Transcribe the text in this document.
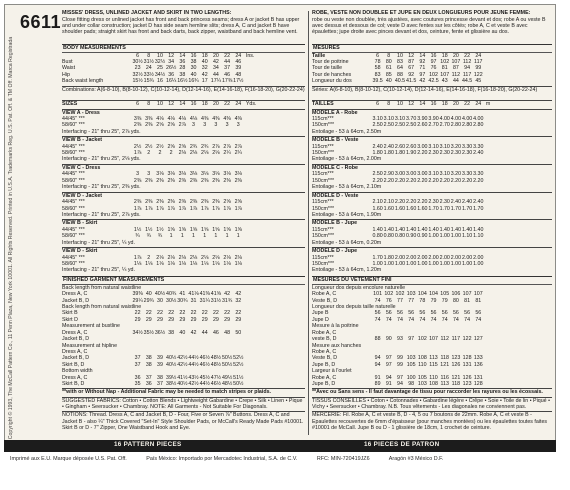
Copyright © 1993, The McCall Pattern Co., 11 Penn Plaza, New York 10001. All Rights Reserved. Printed in U.S.A. Trademarks Reg. U.S. Pat. Off. & TM Off. Marca Registrada
6611 MISSES' DRESS, UNLINED JACKET AND SKIRT IN TWO LENGTHS:
Close fitting dress or unlined jacket has front and back princess seams; dress A or jacket B has upper and under collar construction; jacket D has side seam hemline slits; dress A, C and jacket B have shoulder pads; straight skirt has front and back darts, back zipper, waistband and back hemline vent.
BODY MEASUREMENTS
6	8	10 12 14 16 18 20 22 24 Ins.
Bust	30½ 31½ 32½ 34 36 38 40 42 44 46
Waist	23 24 25 26½ 28 30 32 34 37 39
Hip	32½ 33½ 34½ 36 38 40 42 44 46 48
Back waist length	15½ 15¾ 16 16¼ 16½ 16¾ 17 17¼ 17⅜ 17½
Combinations: A(6-8-10), B(8-10-12), C(10-12-14), D(12-14-16), E(14-16-18), F(16-18-20), G(20-22-24)
SIZES	6	8	10 12 14 16 18 20 22 24 Yds.
VIEW A - Dress
44/45" ***	3⅜ 3⅜ 4⅛ 4⅛ 4⅛ 4⅛ 4⅜ 4⅜ 4⅜ 4⅜
58/60" ***	2⅜ 2⅜ 2⅝ 2⅝ 2⅞	3	3	3	3	3
Interfacing - 21" thru 25", 2⅞ yds.
VIEW B - Jacket
44/45" ***	2½ 2½ 2½ 2⅝ 2⅝ 2¾ 2¾ 2⅞ 2⅞ 2⅞
58/60" ***	1⅞	2	2	2	2⅛ 2⅛ 2⅛ 2⅛ 2¼ 2¼
Interfacing - 21" thru 25", 2⅛ yds.
VIEW C - Dress
44/45" ***	3	3	3⅛ 3⅛ 3⅛ 3⅛ 3⅛ 3⅛ 3⅛ 3⅛
58/60" ***	2⅜ 2⅜ 2⅜ 2⅜ 2⅜ 2⅜ 2⅜ 2⅜ 2⅜ 2⅜
Interfacing - 21" thru 25", 2⅜ yds.
VIEW D - Jacket
44/45" ***	2⅜ 2⅜ 2⅜ 2⅜ 2⅜ 2⅜ 2⅜ 2⅜ 2⅝ 2⅝
58/60" ***	1⅞ 1⅞ 1⅞ 1⅞ 1⅞ 1⅞ 1⅞ 1⅞ 1⅞ 1⅞
Interfacing - 21" thru 25", 2⅞ yds.
VIEW B - Skirt
44/45" ***	1½ 1½ 1½ 1⅝ 1⅝ 1⅝ 1⅝ 1⅝ 1⅝ 1⅝
58/60" ***	¾	¾	¾	1	1	1	1	1	1	1
Interfacing - 21" thru 25", ¼ yd.
VIEW D - Skirt
44/45" ***	1⅞	2	2⅛ 2⅛ 2⅛ 2⅛ 2⅛ 2⅛ 2⅛ 2⅛
58/60" ***	1⅛ 1⅛ 1⅛ 1⅛ 1⅛ 1⅛ 1⅛ 1⅛ 1⅛ 1⅛
Interfacing - 21" thru 25", ¼ yd.
FINISHED GARMENT MEASUREMENTS
Back length from natural waistline
Dress A, C	39⅜ 40 40½ 40¾ 41 41⅛ 41⅜ 41⅝ 42 42
Jacket B, D	29¼ 29¾ 30 30½ 30¾ 31 31¼ 31½ 31¾ 32
Back length from natural waistline
Skirt B	22 22 22 22 22 22 22 22 22 22
Skirt D	29 29 29 29 29 29 29 29 29 29
Measurement at bustline
Dress A, C	34½ 35½ 36½ 38 40 42 44 46 48 50
Jacket B, D
Measurement at hipline
Dress A, C
Jacket B, D	37 38 39 40½ 42½ 44½ 46½ 48½ 50½ 52½
Skirt B, D	37 38 39 40½ 42½ 44½ 46½ 48½ 50½ 52½
Bottom width
Dress A, C	36 37 38 39½ 41½ 43½ 45½ 47½ 49½ 51½
Skirt B, D	35 36 37 38½ 40½ 42½ 44½ 46½ 48½ 50½
**with or Without Nap - Additional Fabric may be needed to match stripes or plaids.
SUGGESTED FABRICS: Cotton • Cotton Blends • Lightweight Gabardine • Crepe • Silk • Linen • Pique • Gingham • Seersucker • Chambray. NOTE: All Garments - Not Suitable For Diagonals.
NOTIONS: Thread. Dress A, C and Jacket B, D - Four, Five or Seven ⅞" Buttons. Dress A, C and Jacket B - also ¼" Thick Covered "Set-In" Style Shoulder Pads, or McCall's Ready Made Pads #10001. Skirt B or D - 7" Zipper, One Waistband Hook and Eye.
ROBE, VESTE NON DOUBLEE ET JUPE EN DEUX LONGUEURS POUR JEUNE FEMME:
robe ou veste non doublée, très ajustées, avec coutures princesse devant et dos; robe A ou veste B avec dessus et dessous de col; veste D avec fentes sur les côtés; robe A, C et veste B avec épaulettes; jupe droite avec pinces devant et dos, ceinture, fente et glissière au dos.
MESURES
Taille	6	8	10 12 14 16 18 20 22 24
Tour de poitrine	78 80 83 87 92 97 102 107 112 117
Tour de taille	58 61 64 67 71 76 81 87 94 99
Tour de hanches	83 85 88 92 97 102 107 112 117 122
Longueur du dos	39.5 40 40.5 41.5 42 42.5 43 44 44.5 45
Séries: A(6-8-10), B(8-10-12), C(10-12-14), D(12-14-16), E(14-16-18), F(16-18-20), G(20-22-24)
TAILLES	6	8	10 12 14 16 18 20 22 24 m
MODELE A - Robe
115cm***	3.10 3.10 3.10 3.70 3.90 3.90 4.00 4.00 4.00 4.00
150cm***	2.50 2.50 2.50 2.50 2.60 2.70 2.70 2.80 2.80 2.80
Entoilage - 53 à 64cm, 2.50m
MODELE B - Veste
115cm***	2.40 2.40 2.60 2.60 3.00 3.10 3.10 3.20 3.30 3.30
150cm***	1.80 1.80 1.80 1.90 2.20 2.30 2.30 2.30 2.30 2.40
Entoilage - 53 à 64cm, 2.00m
MODELE C - Robe
115cm***	2.50 2.90 3.00 3.00 3.00 3.10 3.10 3.20 3.30 3.30
150cm***	2.20 2.20 2.20 2.20 2.20 2.20 2.20 2.20 2.20 2.20
Entoilage - 53 à 64cm, 2.10m
MODELE D - Veste
115cm***	2.10 2.10 2.20 2.20 2.20 2.30 2.30 2.40 2.40 2.40
150cm***	1.60 1.60 1.60 1.60 1.60 1.70 1.70 1.70 1.70 1.70
Entoilage - 53 à 64cm, 1.90m
MODELE B - Jupe
115cm***	1.40 1.40 1.40 1.40 1.40 1.40 1.40 1.40 1.40 1.40
150cm***	0.80 0.80 0.80 0.90 0.90 1.00 1.00 1.00 1.10 1.10
Entoilage - 53 à 64cm, 0.20m
MODELE D - Jupe
115cm***	1.70 1.80 2.00 2.00 2.00 2.00 2.00 2.00 2.00 2.00
150cm***	1.00 1.00 1.00 1.00 1.00 1.00 1.00 1.00 1.00 1.00
Entoilage - 53 à 64cm, 1.20m
MESURES DU VETEMENT FINI
Longueur dos depuis encolure naturelle
Robe A, C	101 102 102 103 104 104 105 106 107 107
Veste B, D	74 76 77 77 78 79 79 80 81 81
Longueur dos depuis taille naturelle
Jupe B	56 56 56 56 56 56 56 56 56 56
Jupe D	74 74 74 74 74 74 74 74 74 74
Mesure à la poitrine
Robe A, C
veste B, D	88 90 93 97 102 107 112 117 122 127
Mesure aux hanches
Robe A, C
Veste B, D	94 97 99 103 108 113 118 123 128 133
Jupe B, D	94 97 99 105 110 115 121 126 131 136
Largeur à l'ourlet
Robe A, C	91 94 97 100 105 110 116 121 126 131
Jupe B, D	89 91 94 98 103 108 113 118 123 128
**Avec ou Sans sens - Il faut davantage de tissu pour raccorder les rayures ou les écossais.
TISSUS CONSEILLES • Coton • Cotonnades • Gabardine légère • Crêpe • Soie • Toile de lin • Piqué • Vichy • Seersucker • Chambray. N.B. Tous vêtements - Les diagonales ne conviennent pas.
MERCERIE: Fil. Robe A, C et veste B, D - 4, 5 ou 7 boutons de 22mm. Robe A, C et veste B - Epaulettes recouvertes de 6mm d'épaisseur (pour manches montées) ou les épaulettes toutes faites #10001 de McCall. Jupe B ou D - 1 glissière de 18cm, 1 crochet de ceinture.
16 PATTERN PIECES	16 PIECES DE PATRON
Imprimé aux E.U. Marque déposée U.S. Pat. Off.	País México: Importado por Mercadotec Industrial, S.A. de C.V.	RFC: MIN-720419JZ6	Aragón #3 México D.F.
